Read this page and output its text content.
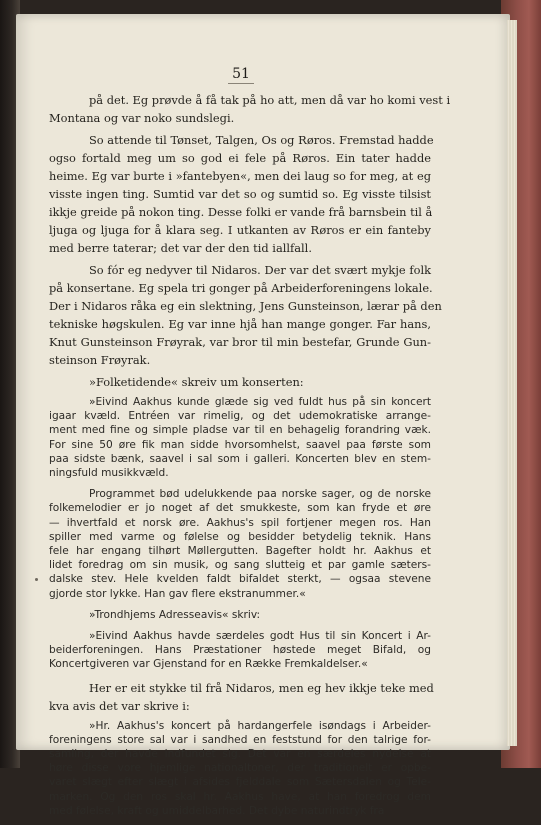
51
på det. Eg prøvde å få tak på ho att, men då var ho komi vest i
Montana og var noko sundslegi.
So attende til Tønset, Talgen, Os og Røros. Fremstad hadde
ogso fortald meg um so god ei fele på Røros. Ein tater hadde
heime. Eg var burte i »fantebyen«, men dei laug so for meg, at eg
visste ingen ting. Sumtid var det so og sumtid so. Eg visste tilsist
ikkje greide på nokon ting. Desse folki er vande frå barnsbein til å
ljuga og ljuga for å klara seg. I utkanten av Røros er ein fanteby
med berre taterar; det var der den tid iallfall.
So fór eg nedyver til Nidaros. Der var det svært mykje folk
på konsertane. Eg spela tri gonger på Arbeiderforeningens lokale.
Der i Nidaros råka eg ein slektning, Jens Gunsteinson, lærar på den
tekniske høgskulen. Eg var inne hjå han mange gonger. Far hans,
Knut Gunsteinson Frøyrak, var bror til min bestefar, Grunde Gun-
steinson Frøyrak.
»Folketidende« skreiv um konserten:
»Eivind Aakhus kunde glæde sig ved fuldt hus på sin koncert
igaar kvæld. Entréen var rimelig, og det udemokratiske arrange-
ment med fine og simple pladse var til en behagelig forandring væk.
For sine 50 øre fik man sidde hvorsomhelst, saavel paa første som
paa sidste bænk, saavel i sal som i galleri. Koncerten blev en stem-
ningsfuld musikkvæld.
Programmet bød udelukkende paa norske sager, og de norske
folkemelodier er jo noget af det smukkeste, som kan fryde et øre
— ihvertfald et norsk øre. Aakhus's spil fortjener megen ros. Han
spiller med varme og følelse og besidder betydelig teknik. Hans
fele har engang tilhørt Møllergutten. Bagefter holdt hr. Aakhus et
lidet foredrag om sin musik, og sang slutteig et par gamle sæters-
dalske stev. Hele kvelden faldt bifaldet sterkt, — ogsaa stevene
gjorde stor lykke. Han gav flere ekstranummer.«
»Trondhjems Adresseavis« skriv:
»Eivind Aakhus havde særdeles godt Hus til sin Koncert i Ar-
beiderforeningen. Hans Præstationer høstede meget Bifald, og
Koncertgiveren var Gjenstand for en Række Fremkaldelser.«
Her er eit stykke til frå Nidaros, men eg hev ikkje teke med
kva avis det var skrive i:
»Hr. Aakhus's koncert på hardangerfele isøndags i Arbeider-
foreningens store sal var i sandhed en feststund for den talrige for-
samling, der havde indfundet sig. Det var en særdeles nydelse at
høre disse vore hjemlige nationaltoner, der traditionelt er opbe-
varet slægt efter slægt i afsides fjelddale som Sætersdalen og Tele-
marken. Og den ros skal hr. Aakhus have, at han foredrog dem
med følelse, kraft og umiddelbarhed. Det dybe naturindtryk fra
